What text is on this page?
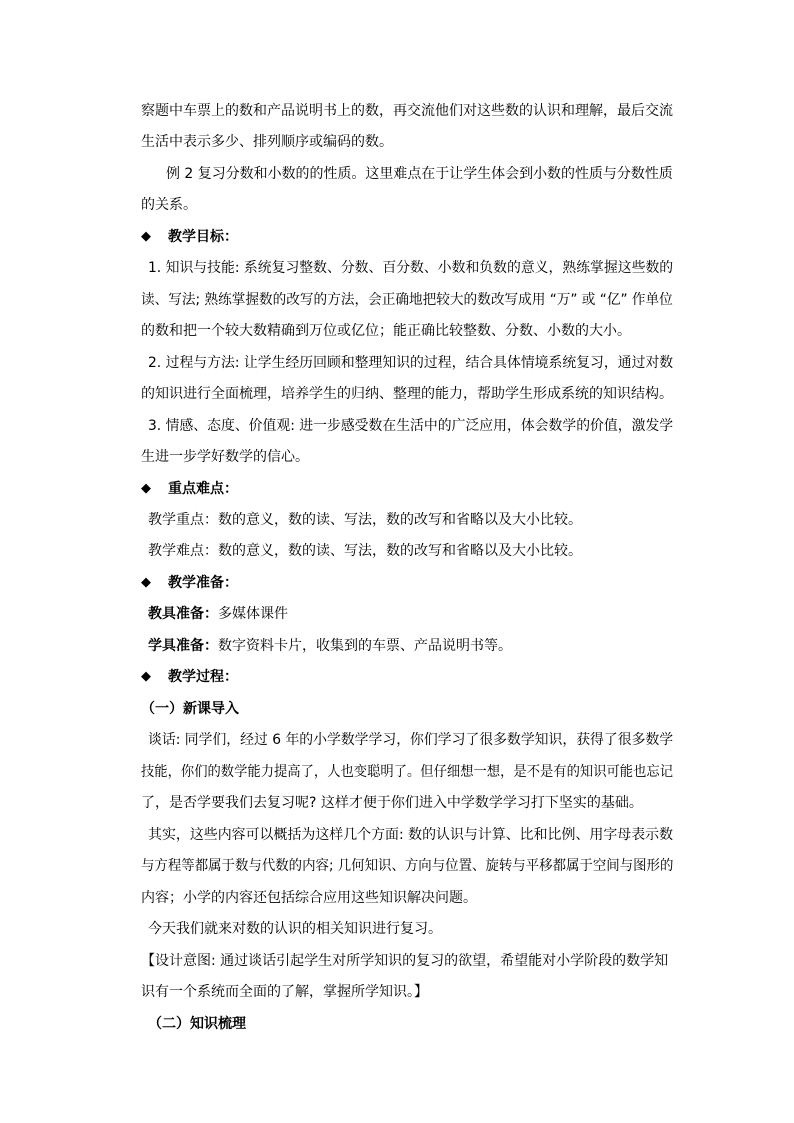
察题中车票上的数和产品说明书上的数，再交流他们对这些数的认识和理解，最后交流
生活中表示多少、排列顺序或编码的数。
例 2 复习分数和小数的的性质。这里难点在于让学生体会到小数的性质与分数性质
的关系。
◆ 教学目标：
1. 知识与技能: 系统复习整数、分数、百分数、小数和负数的意义，熟练掌握这些数的
读、写法; 熟练掌握数的改写的方法，会正确地把较大的数改写成用 “万” 或 “亿” 作单位
的数和把一个较大数精确到万位或亿位；能正确比较整数、分数、小数的大小。
2. 过程与方法: 让学生经历回顾和整理知识的过程，结合具体情境系统复习，通过对数
的知识进行全面梳理，培养学生的归纳、整理的能力，帮助学生形成系统的知识结构。
3. 情感、态度、价值观: 进一步感受数在生活中的广泛应用，体会数学的价值，激发学
生进一步学好数学的信心。
◆ 重点难点：
教学重点：数的意义，数的读、写法，数的改写和省略以及大小比较。
教学难点：数的意义，数的读、写法，数的改写和省略以及大小比较。
◆ 教学准备：
教具准备：多媒体课件
学具准备：数字资料卡片，收集到的车票、产品说明书等。
◆ 教学过程：
（一）新课导入
谈话: 同学们，经过 6 年的小学数学学习，你们学习了很多数学知识，获得了很多数学
技能，你们的数学能力提高了，人也变聪明了。但仔细想一想，是不是有的知识可能也忘记
了，是否学要我们去复习呢? 这样才便于你们进入中学数学学习打下坚实的基础。
其实，这些内容可以概括为这样几个方面: 数的认识与计算、比和比例、用字母表示数
与方程等都属于数与代数的内容; 几何知识、方向与位置、旋转与平移都属于空间与图形的
内容；小学的内容还包括综合应用这些知识解决问题。
今天我们就来对数的认识的相关知识进行复习。
【设计意图: 通过谈话引起学生对所学知识的复习的欲望，希望能对小学阶段的数学知
识有一个系统而全面的了解，掌握所学知识。】
（二）知识梳理
